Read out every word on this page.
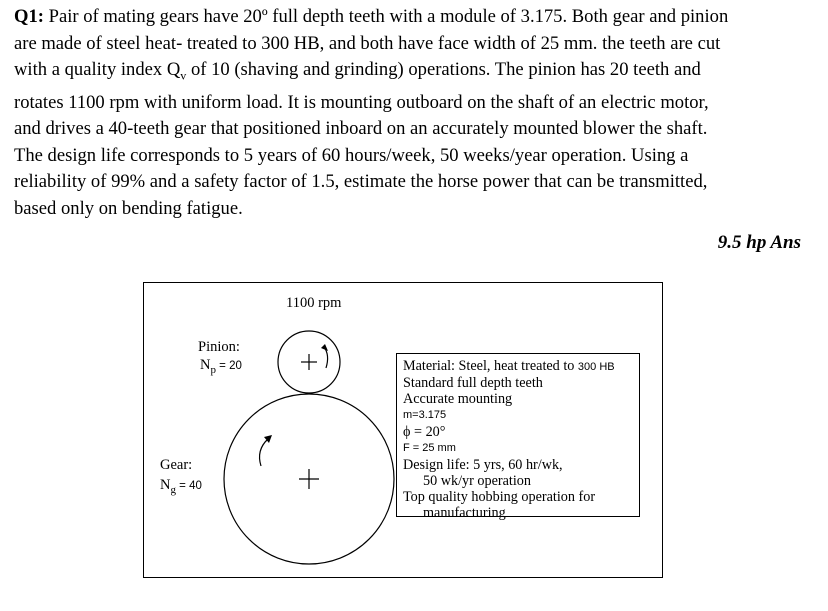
Q1: Pair of mating gears have 20º full depth teeth with a module of 3.175. Both gear and pinion
are made of steel heat- treated to 300 HB, and both have face width of 25 mm. the teeth are cut
with a quality index $Q_v$ of 10 (shaving and grinding) operations. The pinion has 20 teeth and
rotates 1100 rpm with uniform load. It is mounting outboard on the shaft of an electric motor,
and drives a 40-teeth gear that positioned inboard on an accurately mounted blower the shaft.
The design life corresponds to 5 years of 60 hours/week, 50 weeks/year operation. Using a
reliability of 99% and a safety factor of 1.5, estimate the horse power that can be transmitted,
based only on bending fatigue.
9.5 hp Ans
1100 rpm
Pinion:
$N_p = 20$
Gear:
$N_g = 40$
Material: Steel, heat treated to 300 HB
Standard full depth teeth
Accurate mounting
m=3.175
ϕ = 20°
F = 25 mm
Design life: 5 yrs, 60 hr/wk,
50 wk/yr operation
Top quality hobbing operation for
manufacturing
